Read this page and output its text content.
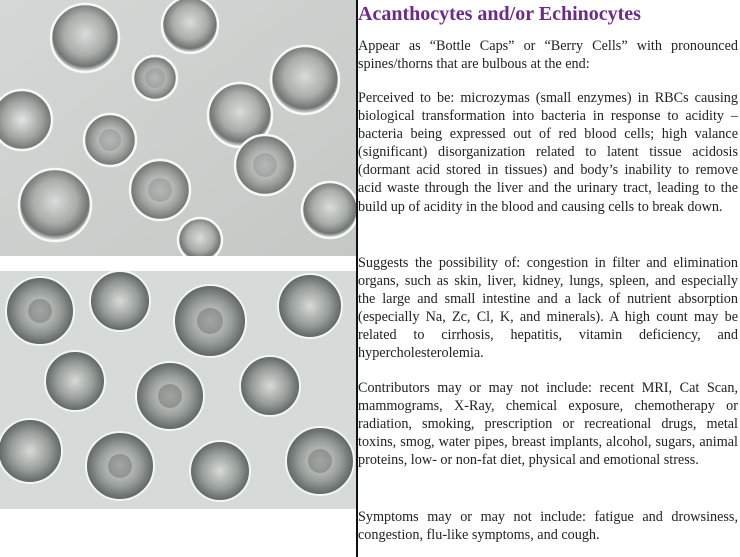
Acanthocytes and/or Echinocytes

Appear as “Bottle Caps” or “Berry Cells” with pronounced spines/thorns that are bulbous at the end:

Perceived to be: microzymas (small enzymes) in RBCs causing biological transformation into bacteria in response to acidity – bacteria being expressed out of red blood cells; high valance (significant) disorganization related to latent tissue acidosis (dormant acid stored in tissues) and body’s inability to remove acid waste through the liver and the urinary tract, leading to the build up of acidity in the blood and causing cells to break down.

Suggests the possibility of: congestion in filter and elimination organs, such as skin, liver, kidney, lungs, spleen, and especially the large and small intestine and a lack of nutrient absorption (especially Na, Zc, Cl, K, and minerals). A high count may be related to cirrhosis, hepatitis, vitamin deficiency, and hypercholesterolemia.

Contributors may or may not include: recent MRI, Cat Scan, mammograms, X-Ray, chemical exposure, chemotherapy or radiation, smoking, prescription or recreational drugs, metal toxins, smog, water pipes, breast implants, alcohol, sugars, animal proteins, low- or non-fat diet, physical and emotional stress.

Symptoms may or may not include: fatigue and drowsiness, congestion, flu-like symptoms, and cough.
